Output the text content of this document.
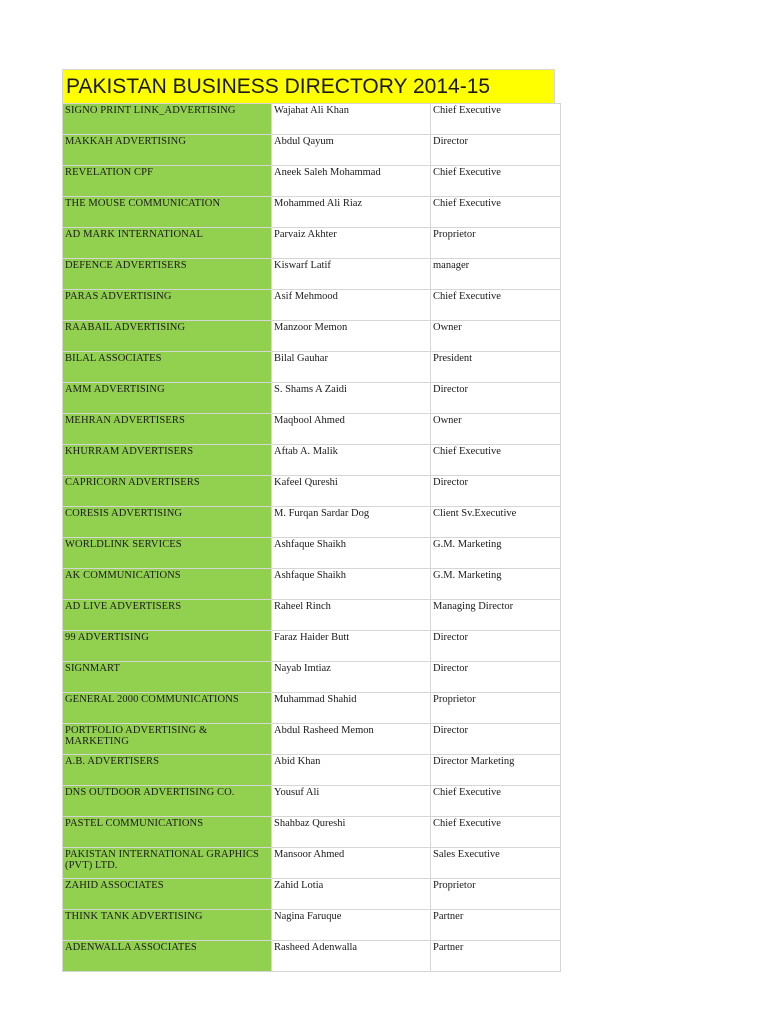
PAKISTAN BUSINESS DIRECTORY 2014-15
SIGNO PRINT LINK_ADVERTISING	Wajahat Ali Khan	Chief Executive
MAKKAH ADVERTISING	Abdul Qayum	Director
REVELATION CPF	Aneek Saleh Mohammad	Chief Executive
THE MOUSE COMMUNICATION	Mohammed Ali Riaz	Chief Executive
AD MARK INTERNATIONAL	Parvaiz Akhter	Proprietor
DEFENCE ADVERTISERS	Kiswarf Latif	manager
PARAS ADVERTISING	Asif Mehmood	Chief Executive
RAABAIL ADVERTISING	Manzoor Memon	Owner
BILAL ASSOCIATES	Bilal Gauhar	President
AMM ADVERTISING	S. Shams A Zaidi	Director
MEHRAN ADVERTISERS	Maqbool Ahmed	Owner
KHURRAM ADVERTISERS	Aftab A. Malik	Chief Executive
CAPRICORN ADVERTISERS	Kafeel Qureshi	Director
CORESIS ADVERTISING	M. Furqan Sardar Dog	Client Sv.Executive
WORLDLINK SERVICES	Ashfaque Shaikh	G.M. Marketing
AK COMMUNICATIONS	Ashfaque Shaikh	G.M. Marketing
AD LIVE ADVERTISERS	Raheel Rinch	Managing Director
99 ADVERTISING	Faraz Haider Butt	Director
SIGNMART	Nayab Imtiaz	Director
GENERAL 2000 COMMUNICATIONS	Muhammad Shahid	Proprietor
PORTFOLIO ADVERTISING & MARKETING	Abdul Rasheed Memon	Director
A.B. ADVERTISERS	Abid Khan	Director Marketing
DNS OUTDOOR ADVERTISING CO.	Yousuf Ali	Chief Executive
PASTEL COMMUNICATIONS	Shahbaz Qureshi	Chief Executive
PAKISTAN INTERNATIONAL GRAPHICS (PVT) LTD.	Mansoor Ahmed	Sales Executive
ZAHID ASSOCIATES	Zahid Lotia	Proprietor
THINK TANK ADVERTISING	Nagina Faruque	Partner
ADENWALLA ASSOCIATES	Rasheed Adenwalla	Partner
